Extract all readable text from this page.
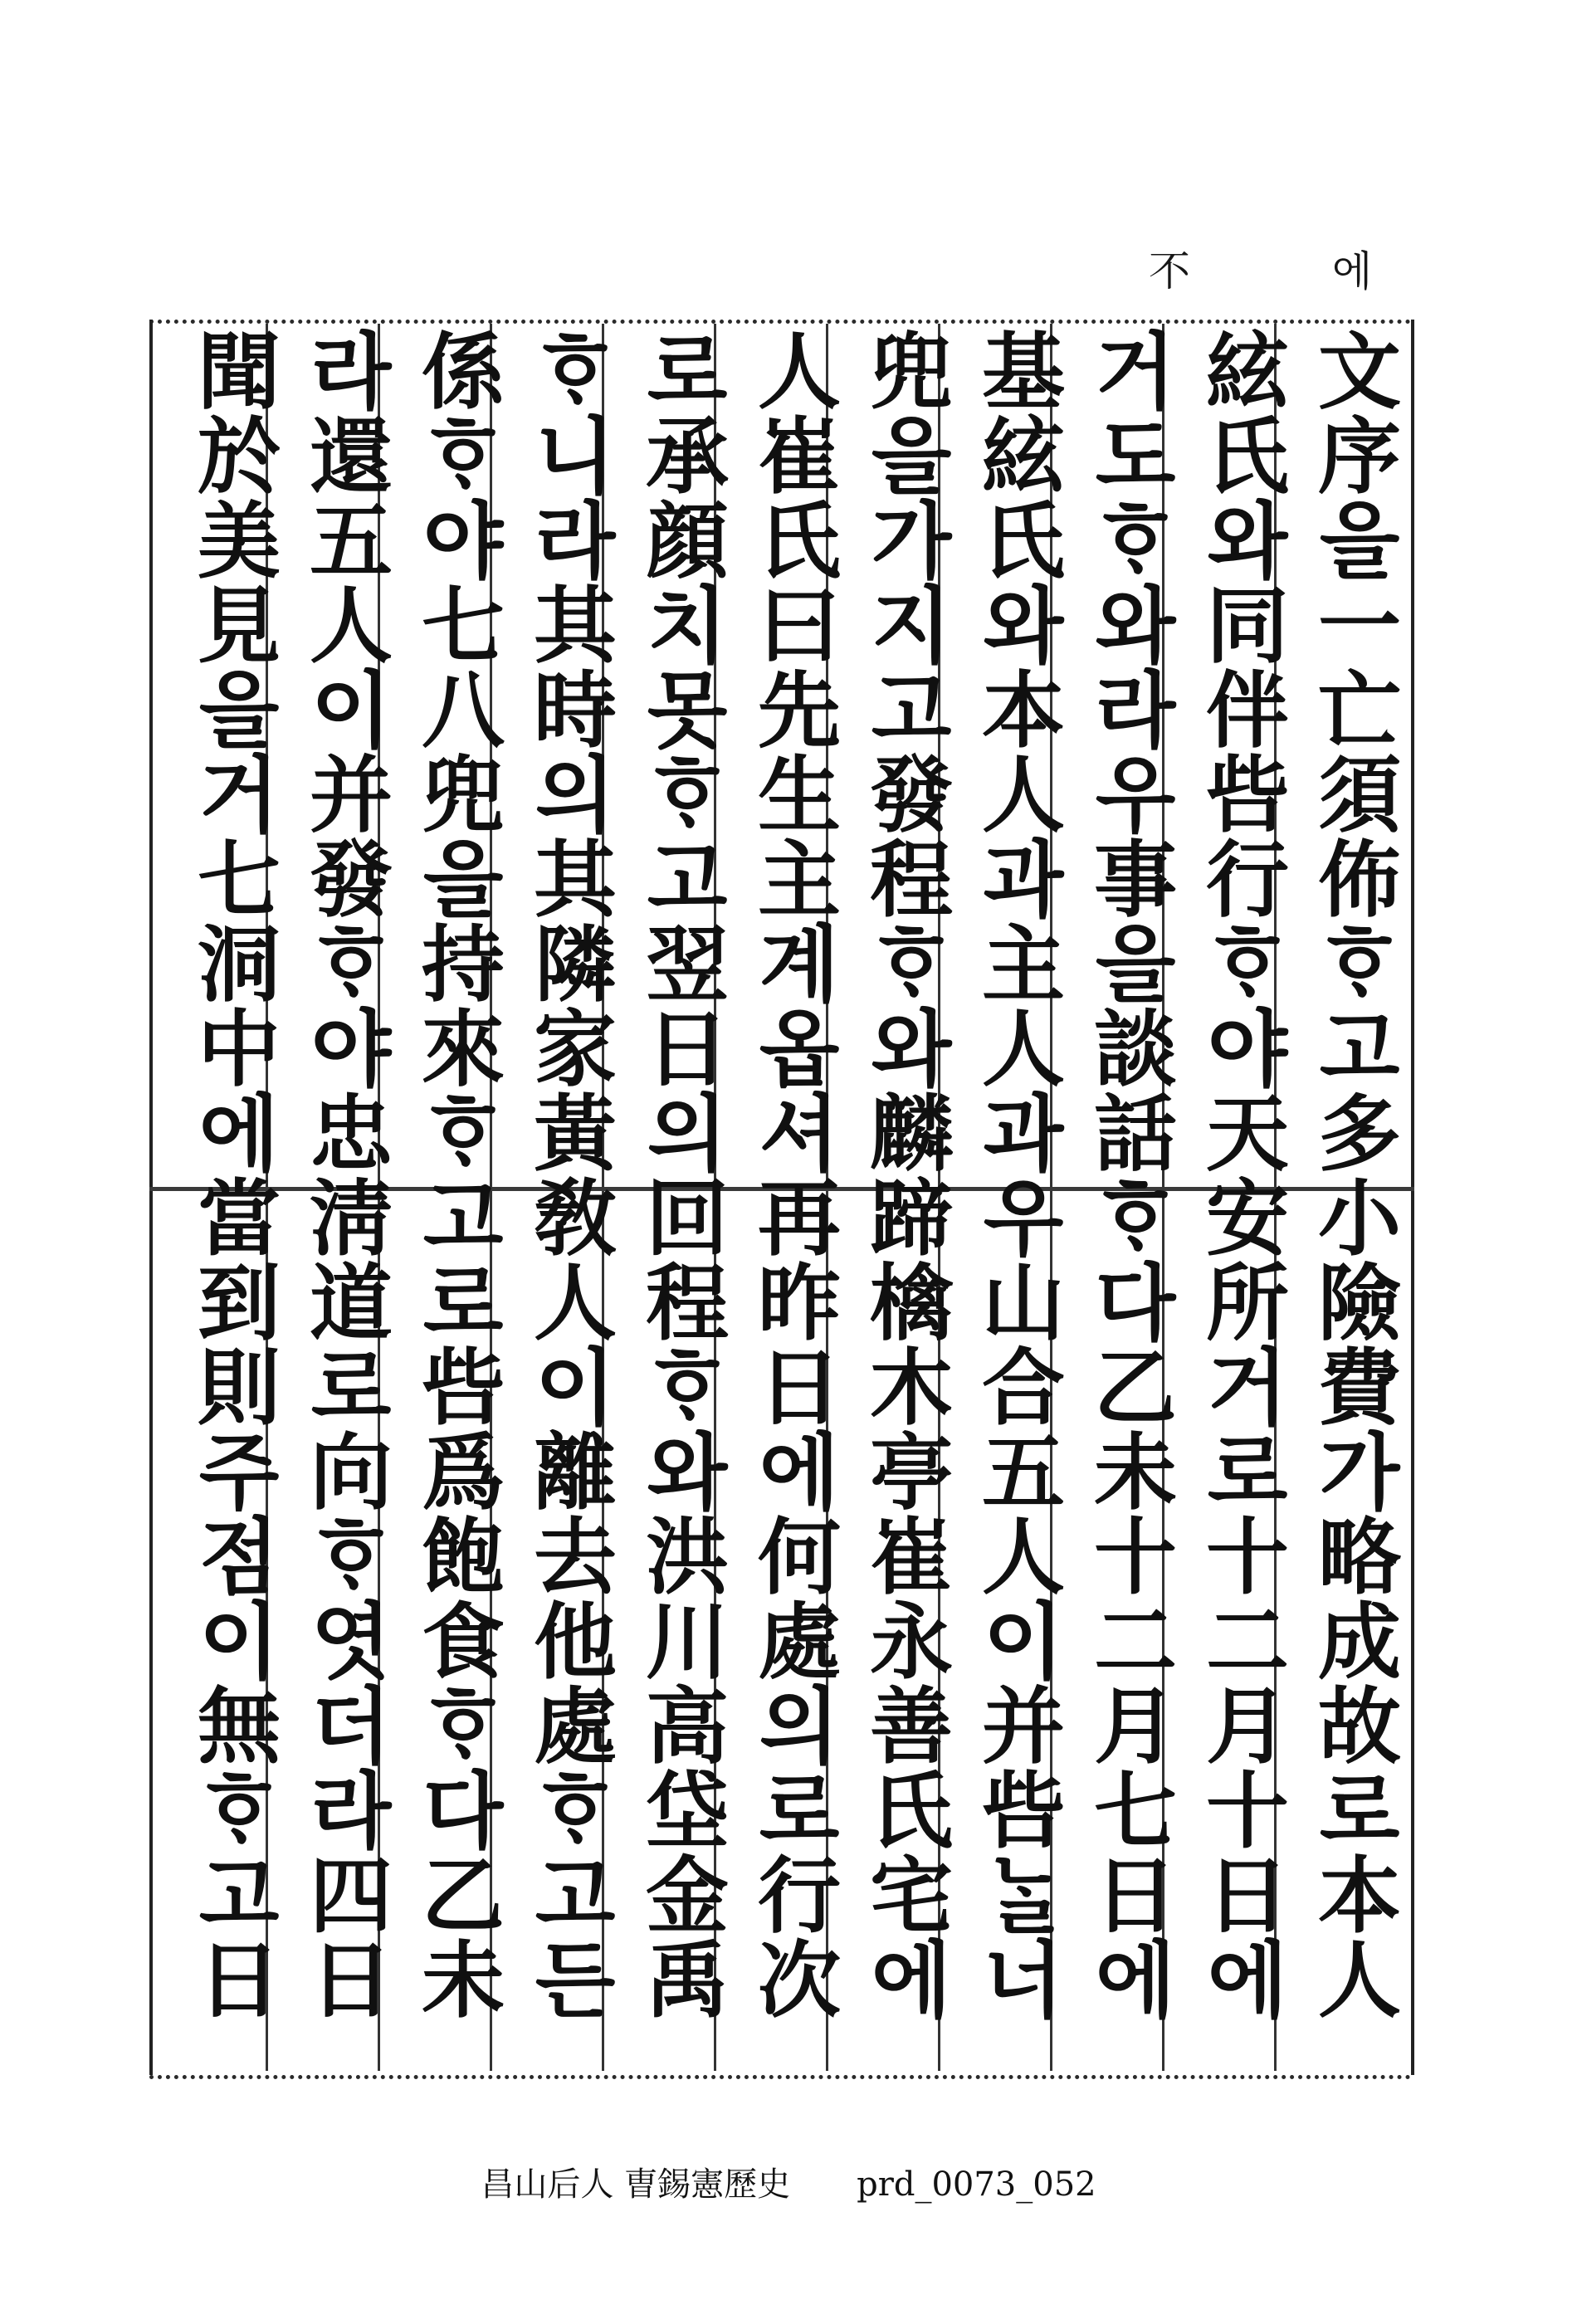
不	에
文序을一亡須佈ᄒᆞ고多小險費가略成故로本人
絃氏와同伴呰行ᄒᆞ야天安所거로十二月十日에
거도ᄒᆞ와라우事을談話ᄒᆞ다乙未十二月七日에
基絃氏와本人과主人과우山合五人이并呰ᄂᆞᆯ너
兜을가지고發程ᄒᆞ와麟蹄檎木亭崔永善氏宅에
人崔氏曰先生主계옵셔再昨日에何處의로行次
로承顔치못ᄒᆞ고翌日의回程ᄒᆞ와洪川高垈金禹
ᄒᆞ니라其時의其隣家黃敎人이離去他處ᄒᆞ고든
係ᄒᆞ야七八兜을持來ᄒᆞ고로呰爲飽食ᄒᆞ다乙未
라還五人이并發ᄒᆞ야忠淸道로向ᄒᆞ엿더라四日
聞於美見을거七洞中에當到則주점이無ᄒᆞ고日
昌山后人 曺錫憲歷史 prd_0073_052
